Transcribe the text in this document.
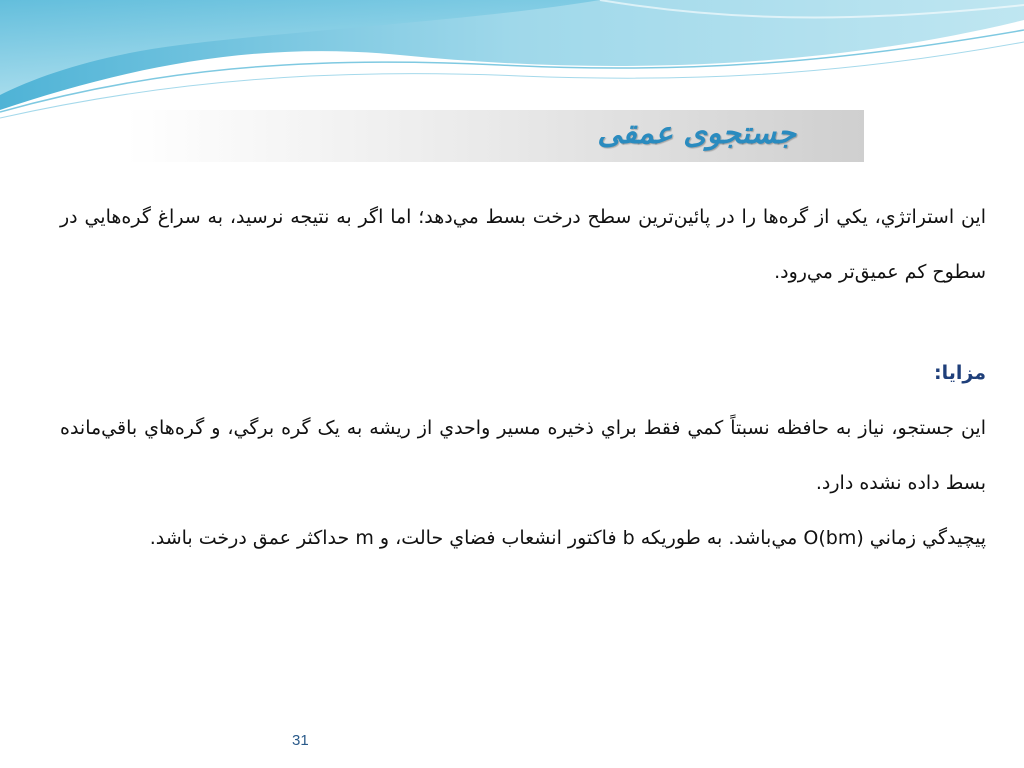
جستجوی عمقی

این استراتژي، يکي از گره‌ها را در پائين‌ترين سطح درخت بسط مي‌دهد؛ اما اگر به نتيجه نرسيد، به سراغ گره‌هايي در سطوح کم عميق‌تر مي‌رود.

مزايا:

اين جستجو، نياز به حافظه نسبتاً کمي فقط براي ذخيره مسير واحدي از ريشه به يک گره برگي، و گره‌هاي باقي‌مانده بسط داده نشده دارد.

پيچيدگي زماني O(bm) مي‌باشد. به طوريکه b فاکتور انشعاب فضاي حالت، و m حداکثر عمق درخت باشد.

31
